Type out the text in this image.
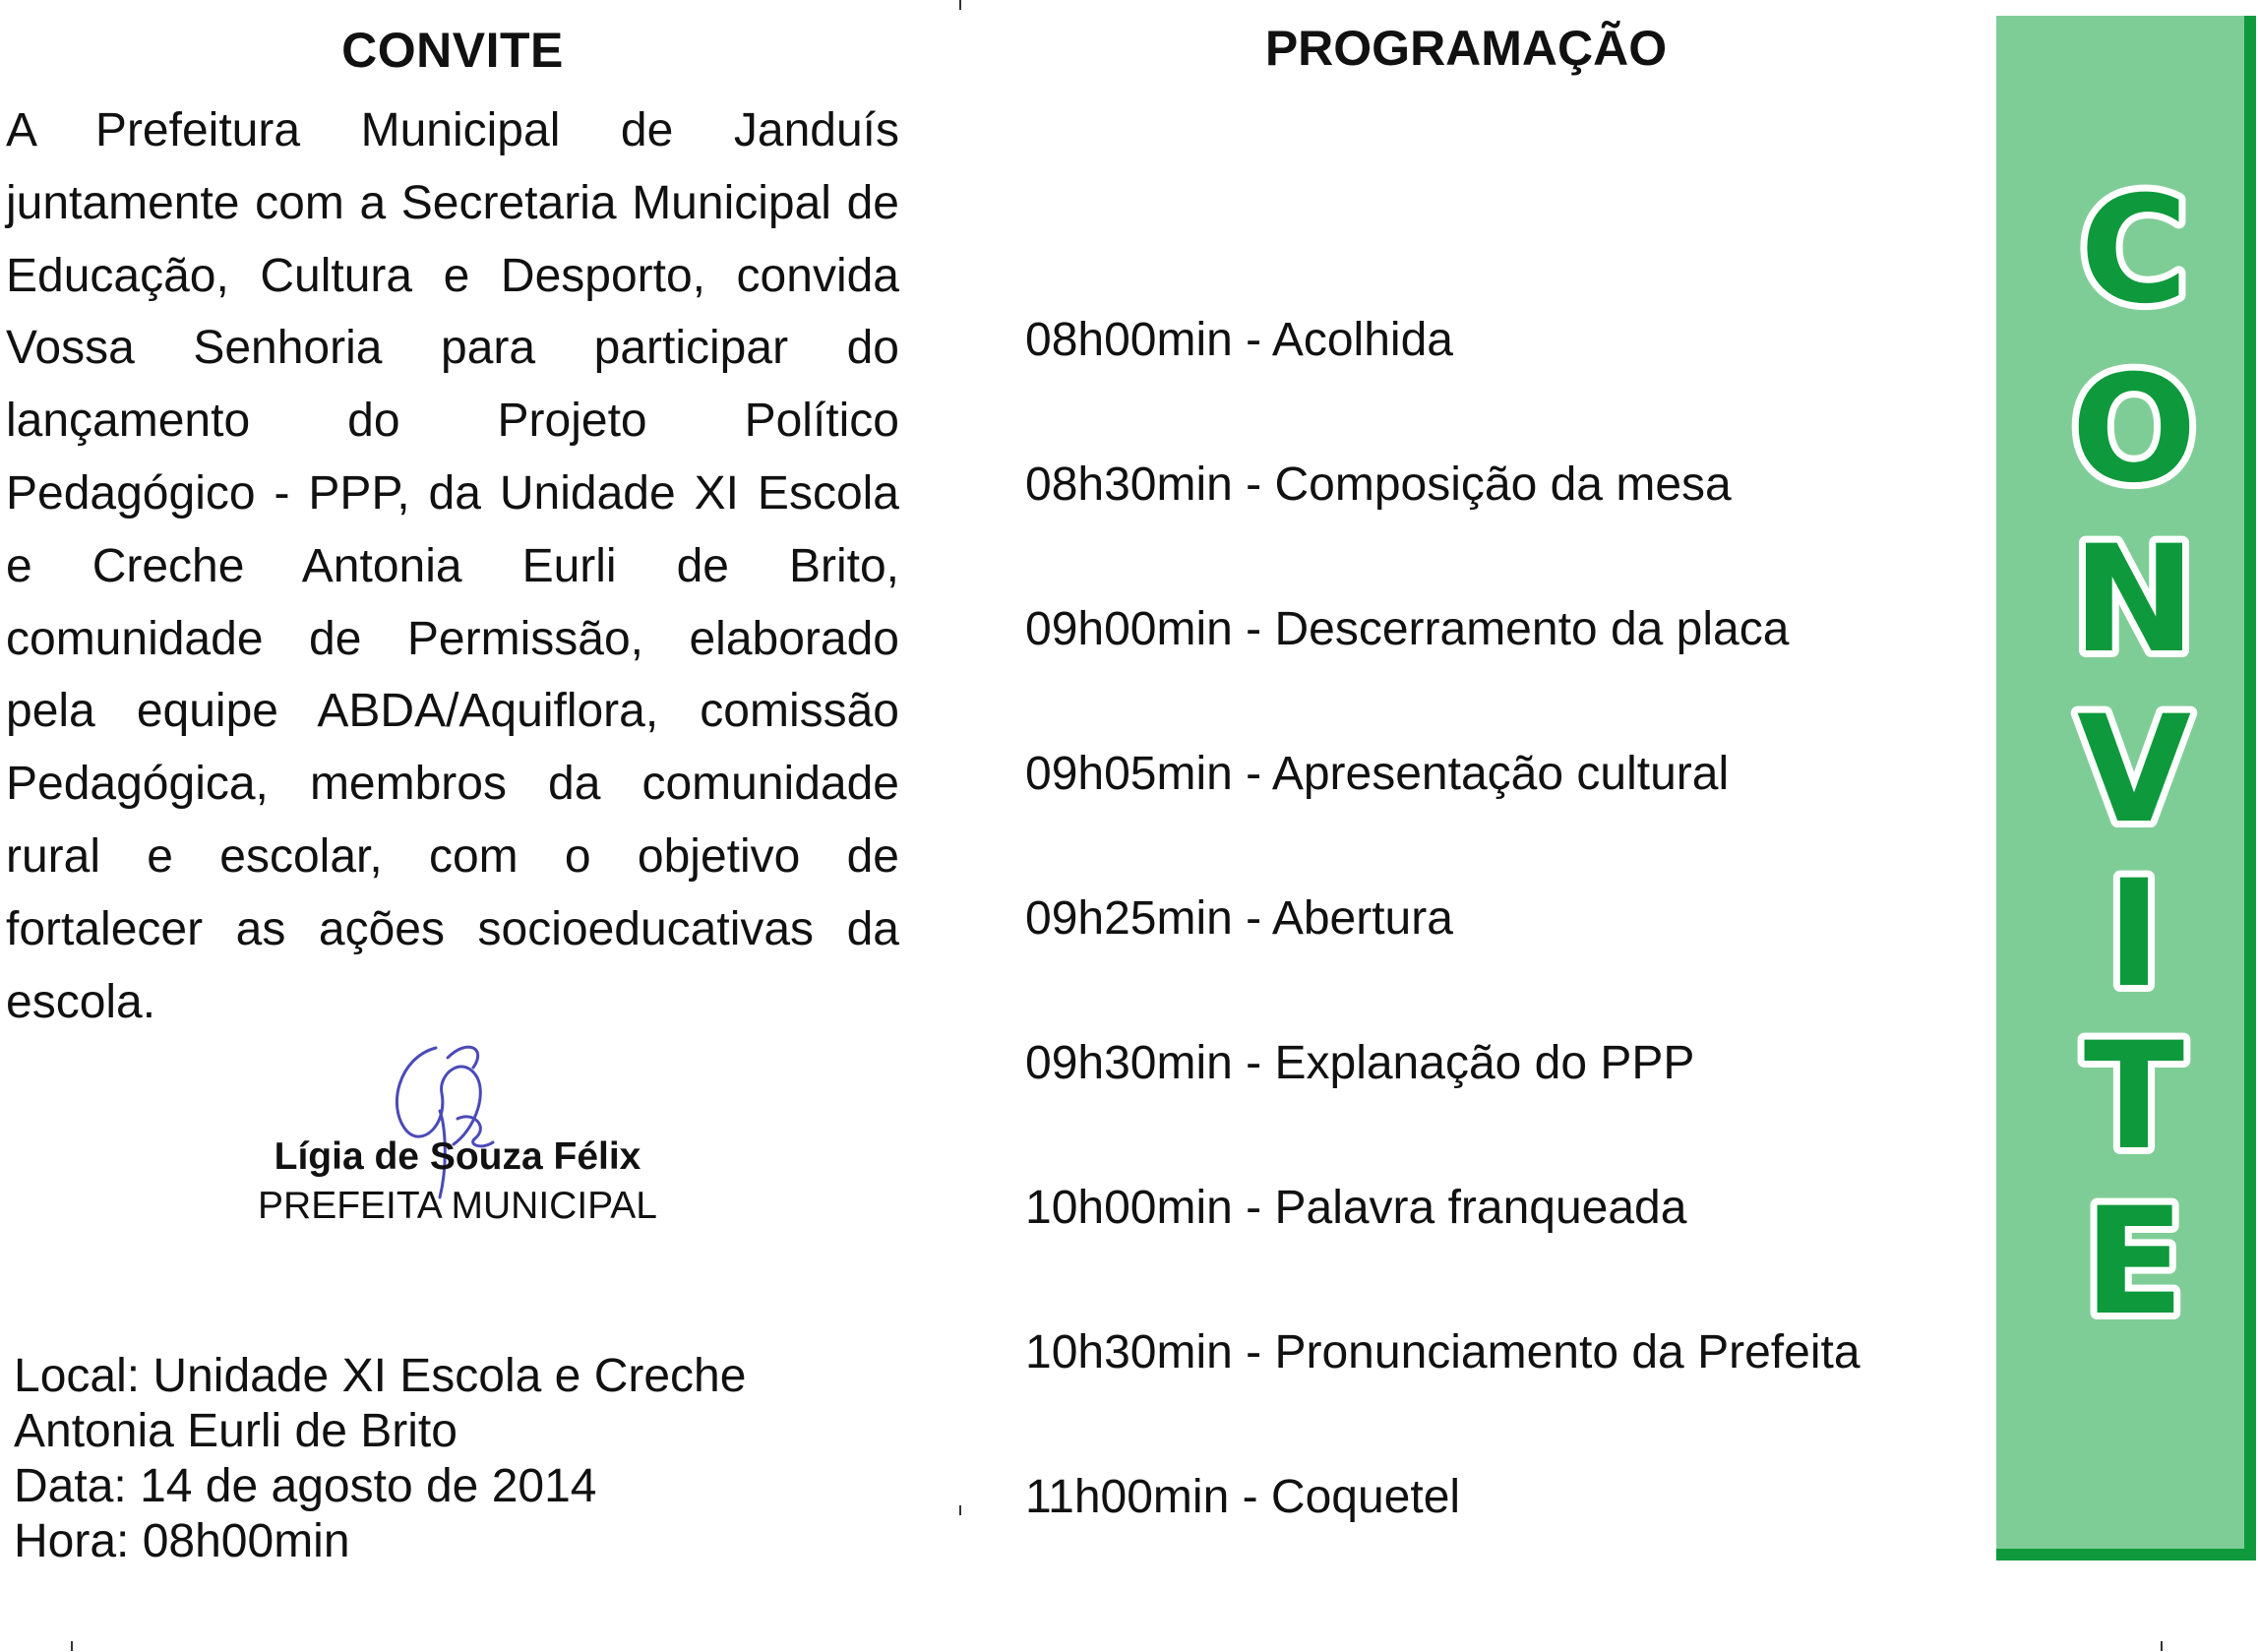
CONVITE

A Prefeitura Municipal de Janduís juntamente com a Secretaria Municipal de Educação, Cultura e Desporto, convida Vossa Senhoria para participar do lançamento do Projeto Político Pedagógico - PPP, da Unidade XI Escola e Creche Antonia Eurli de Brito, comunidade de Permissão, elaborado pela equipe ABDA/Aquiflora, comissão Pedagógica, membros da comunidade rural e escolar, com o objetivo de fortalecer as ações socioeducativas da escola.

Lígia de Souza Félix
PREFEITA MUNICIPAL
Local: Unidade XI Escola e Creche
Antonia Eurli de Brito
Data: 14 de agosto de 2014
Hora: 08h00min
PROGRAMAÇÃO
08h00min - Acolhida
08h30min - Composição da mesa
09h00min - Descerramento da placa
09h05min - Apresentação cultural
09h25min - Abertura
09h30min - Explanação do PPP
10h00min - Palavra franqueada
10h30min - Pronunciamento da Prefeita
11h00min - Coquetel
C
O
N
V
I
T
E
